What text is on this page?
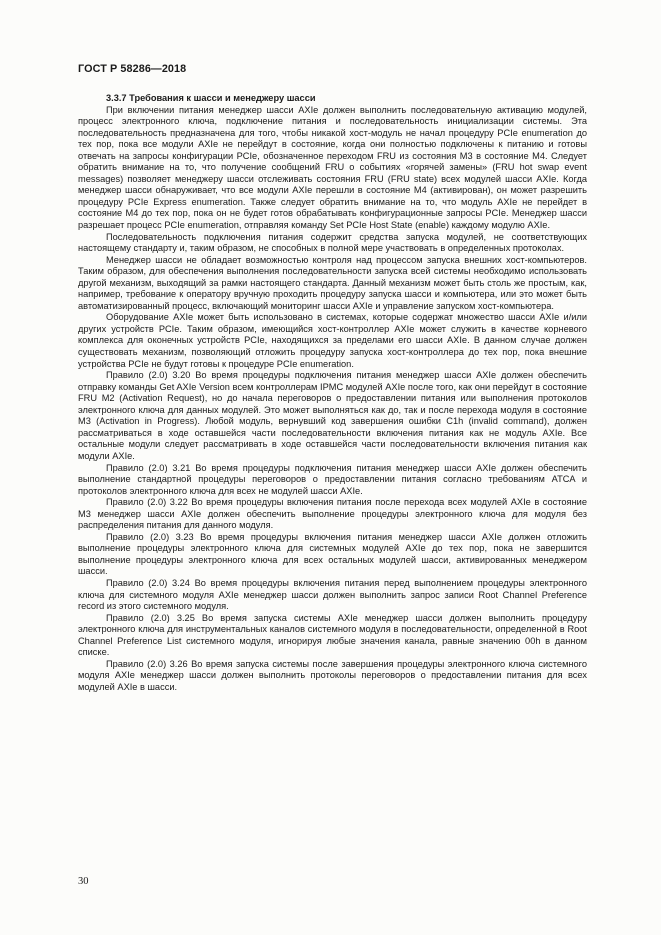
ГОСТ Р 58286—2018
3.3.7 Требования к шасси и менеджеру шасси

При включении питания менеджер шасси AXIe должен выполнить последовательную активацию модулей, процесс электронного ключа, подключение питания и последовательность инициализации системы. Эта последовательность предназначена для того, чтобы никакой хост-модуль не начал процедуру PCIe enumeration до тех пор, пока все модули AXIe не перейдут в состояние, когда они полностью подключены к питанию и готовы отвечать на запросы конфигурации PCIe, обозначенное переходом FRU из состояния M3 в состояние M4. Следует обратить внимание на то, что получение сообщений FRU о событиях «горячей замены» (FRU hot swap event messages) позволяет менеджеру шасси отслеживать состояния FRU (FRU state) всех модулей шасси AXIe. Когда менеджер шасси обнаруживает, что все модули AXIe перешли в состояние M4 (активирован), он может разрешить процедуру PCIe Express enumeration. Также следует обратить внимание на то, что модуль AXIe не перейдет в состояние M4 до тех пор, пока он не будет готов обрабатывать конфигурационные запросы PCIe. Менеджер шасси разрешает процесс PCIe enumeration, отправляя команду Set PCIe Host State (enable) каждому модулю AXIe.

Последовательность подключения питания содержит средства запуска модулей, не соответствующих настоящему стандарту и, таким образом, не способных в полной мере участвовать в определенных протоколах.

Менеджер шасси не обладает возможностью контроля над процессом запуска внешних хост-компьютеров. Таким образом, для обеспечения выполнения последовательности запуска всей системы необходимо использовать другой механизм, выходящий за рамки настоящего стандарта. Данный механизм может быть столь же простым, как, например, требование к оператору вручную проходить процедуру запуска шасси и компьютера, или это может быть автоматизированный процесс, включающий мониторинг шасси AXIe и управление запуском хост-компьютера.

Оборудование AXIe может быть использовано в системах, которые содержат множество шасси AXIe и/или других устройств PCIe. Таким образом, имеющийся хост-контроллер AXIe может служить в качестве корневого комплекса для оконечных устройств PCIe, находящихся за пределами его шасси AXIe. В данном случае должен существовать механизм, позволяющий отложить процедуру запуска хост-контроллера до тех пор, пока внешние устройства PCIe не будут готовы к процедуре PCIe enumeration.

Правило (2.0) 3.20 Во время процедуры подключения питания менеджер шасси AXIe должен обеспечить отправку команды Get AXIe Version всем контроллерам IPMC модулей AXIe после того, как они перейдут в состояние FRU M2 (Activation Request), но до начала переговоров о предоставлении питания или выполнения протоколов электронного ключа для данных модулей. Это может выполняться как до, так и после перехода модуля в состояние M3 (Activation in Progress). Любой модуль, вернувший код завершения ошибки C1h (invalid command), должен рассматриваться в ходе оставшейся части последовательности включения питания как не модуль AXIe. Все остальные модули следует рассматривать в ходе оставшейся части последовательности включения питания как модули AXIe.

Правило (2.0) 3.21 Во время процедуры подключения питания менеджер шасси AXIe должен обеспечить выполнение стандартной процедуры переговоров о предоставлении питания согласно требованиям ATCA и протоколов электронного ключа для всех не модулей шасси AXIe.

Правило (2.0) 3.22 Во время процедуры включения питания после перехода всех модулей AXIe в состояние M3 менеджер шасси AXIe должен обеспечить выполнение процедуры электронного ключа для модуля без распределения питания для данного модуля.

Правило (2.0) 3.23 Во время процедуры включения питания менеджер шасси AXIe должен отложить выполнение процедуры электронного ключа для системных модулей AXIe до тех пор, пока не завершится выполнение процедуры электронного ключа для всех остальных модулей шасси, активированных менеджером шасси.

Правило (2.0) 3.24 Во время процедуры включения питания перед выполнением процедуры электронного ключа для системного модуля AXIe менеджер шасси должен выполнить запрос записи Root Channel Preference record из этого системного модуля.

Правило (2.0) 3.25 Во время запуска системы AXIe менеджер шасси должен выполнить процедуру электронного ключа для инструментальных каналов системного модуля в последовательности, определенной в Root Channel Preference List системного модуля, игнорируя любые значения канала, равные значению 00h в данном списке.

Правило (2.0) 3.26 Во время запуска системы после завершения процедуры электронного ключа системного модуля AXIe менеджер шасси должен выполнить протоколы переговоров о предоставлении питания для всех модулей AXIe в шасси.

30
